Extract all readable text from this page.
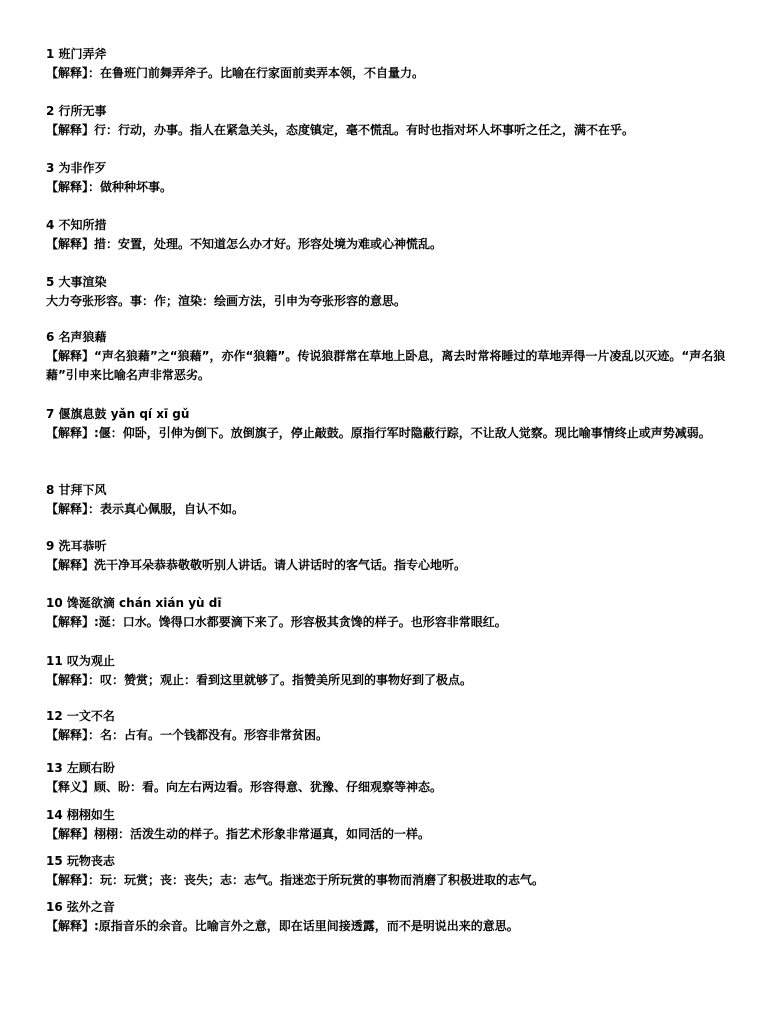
1 班门弄斧
【解释】：在鲁班门前舞弄斧子。比喻在行家面前卖弄本领，不自量力。
2 行所无事
【解释】行：行动，办事。指人在紧急关头，态度镇定，毫不慌乱。有时也指对坏人坏事听之任之，满不在乎。
3 为非作歹
【解释】：做种种坏事。
4 不知所措
【解释】措：安置，处理。不知道怎么办才好。形容处境为难或心神慌乱。
5 大事渲染
大力夸张形容。事：作；渲染：绘画方法，引申为夸张形容的意思。
6 名声狼藉
【解释】“声名狼藉”之“狼藉”，亦作“狼籍”。传说狼群常在草地上卧息，离去时常将睡过的草地弄得一片凌乱以灭迹。“声名狼藉”引申来比喻名声非常恶劣。
7 偃旗息鼓 yǎn qí xī gǔ
【解释】:偃：仰卧，引伸为倒下。放倒旗子，停止敲鼓。原指行军时隐蔽行踪，不让敌人觉察。现比喻事情终止或声势减弱。
8 甘拜下风
【解释】：表示真心佩服，自认不如。
9 洗耳恭听
【解释】洗干净耳朵恭恭敬敬听别人讲话。请人讲话时的客气话。指专心地听。
10 馋涎欲滴 chán xián yù dī
【解释】:涎：口水。馋得口水都要滴下来了。形容极其贪馋的样子。也形容非常眼红。
11 叹为观止
【解释】：叹：赞赏；观止：看到这里就够了。指赞美所见到的事物好到了极点。
12 一文不名
【解释】：名：占有。一个钱都没有。形容非常贫困。
13 左顾右盼
【释义】顾、盼：看。向左右两边看。形容得意、犹豫、仔细观察等神态。
14 栩栩如生
【解释】栩栩：活泼生动的样子。指艺术形象非常逼真，如同活的一样。
15 玩物丧志
【解释】：玩：玩赏；丧：丧失；志：志气。指迷恋于所玩赏的事物而消磨了积极进取的志气。
16 弦外之音
【解释】:原指音乐的余音。比喻言外之意，即在话里间接透露，而不是明说出来的意思。
